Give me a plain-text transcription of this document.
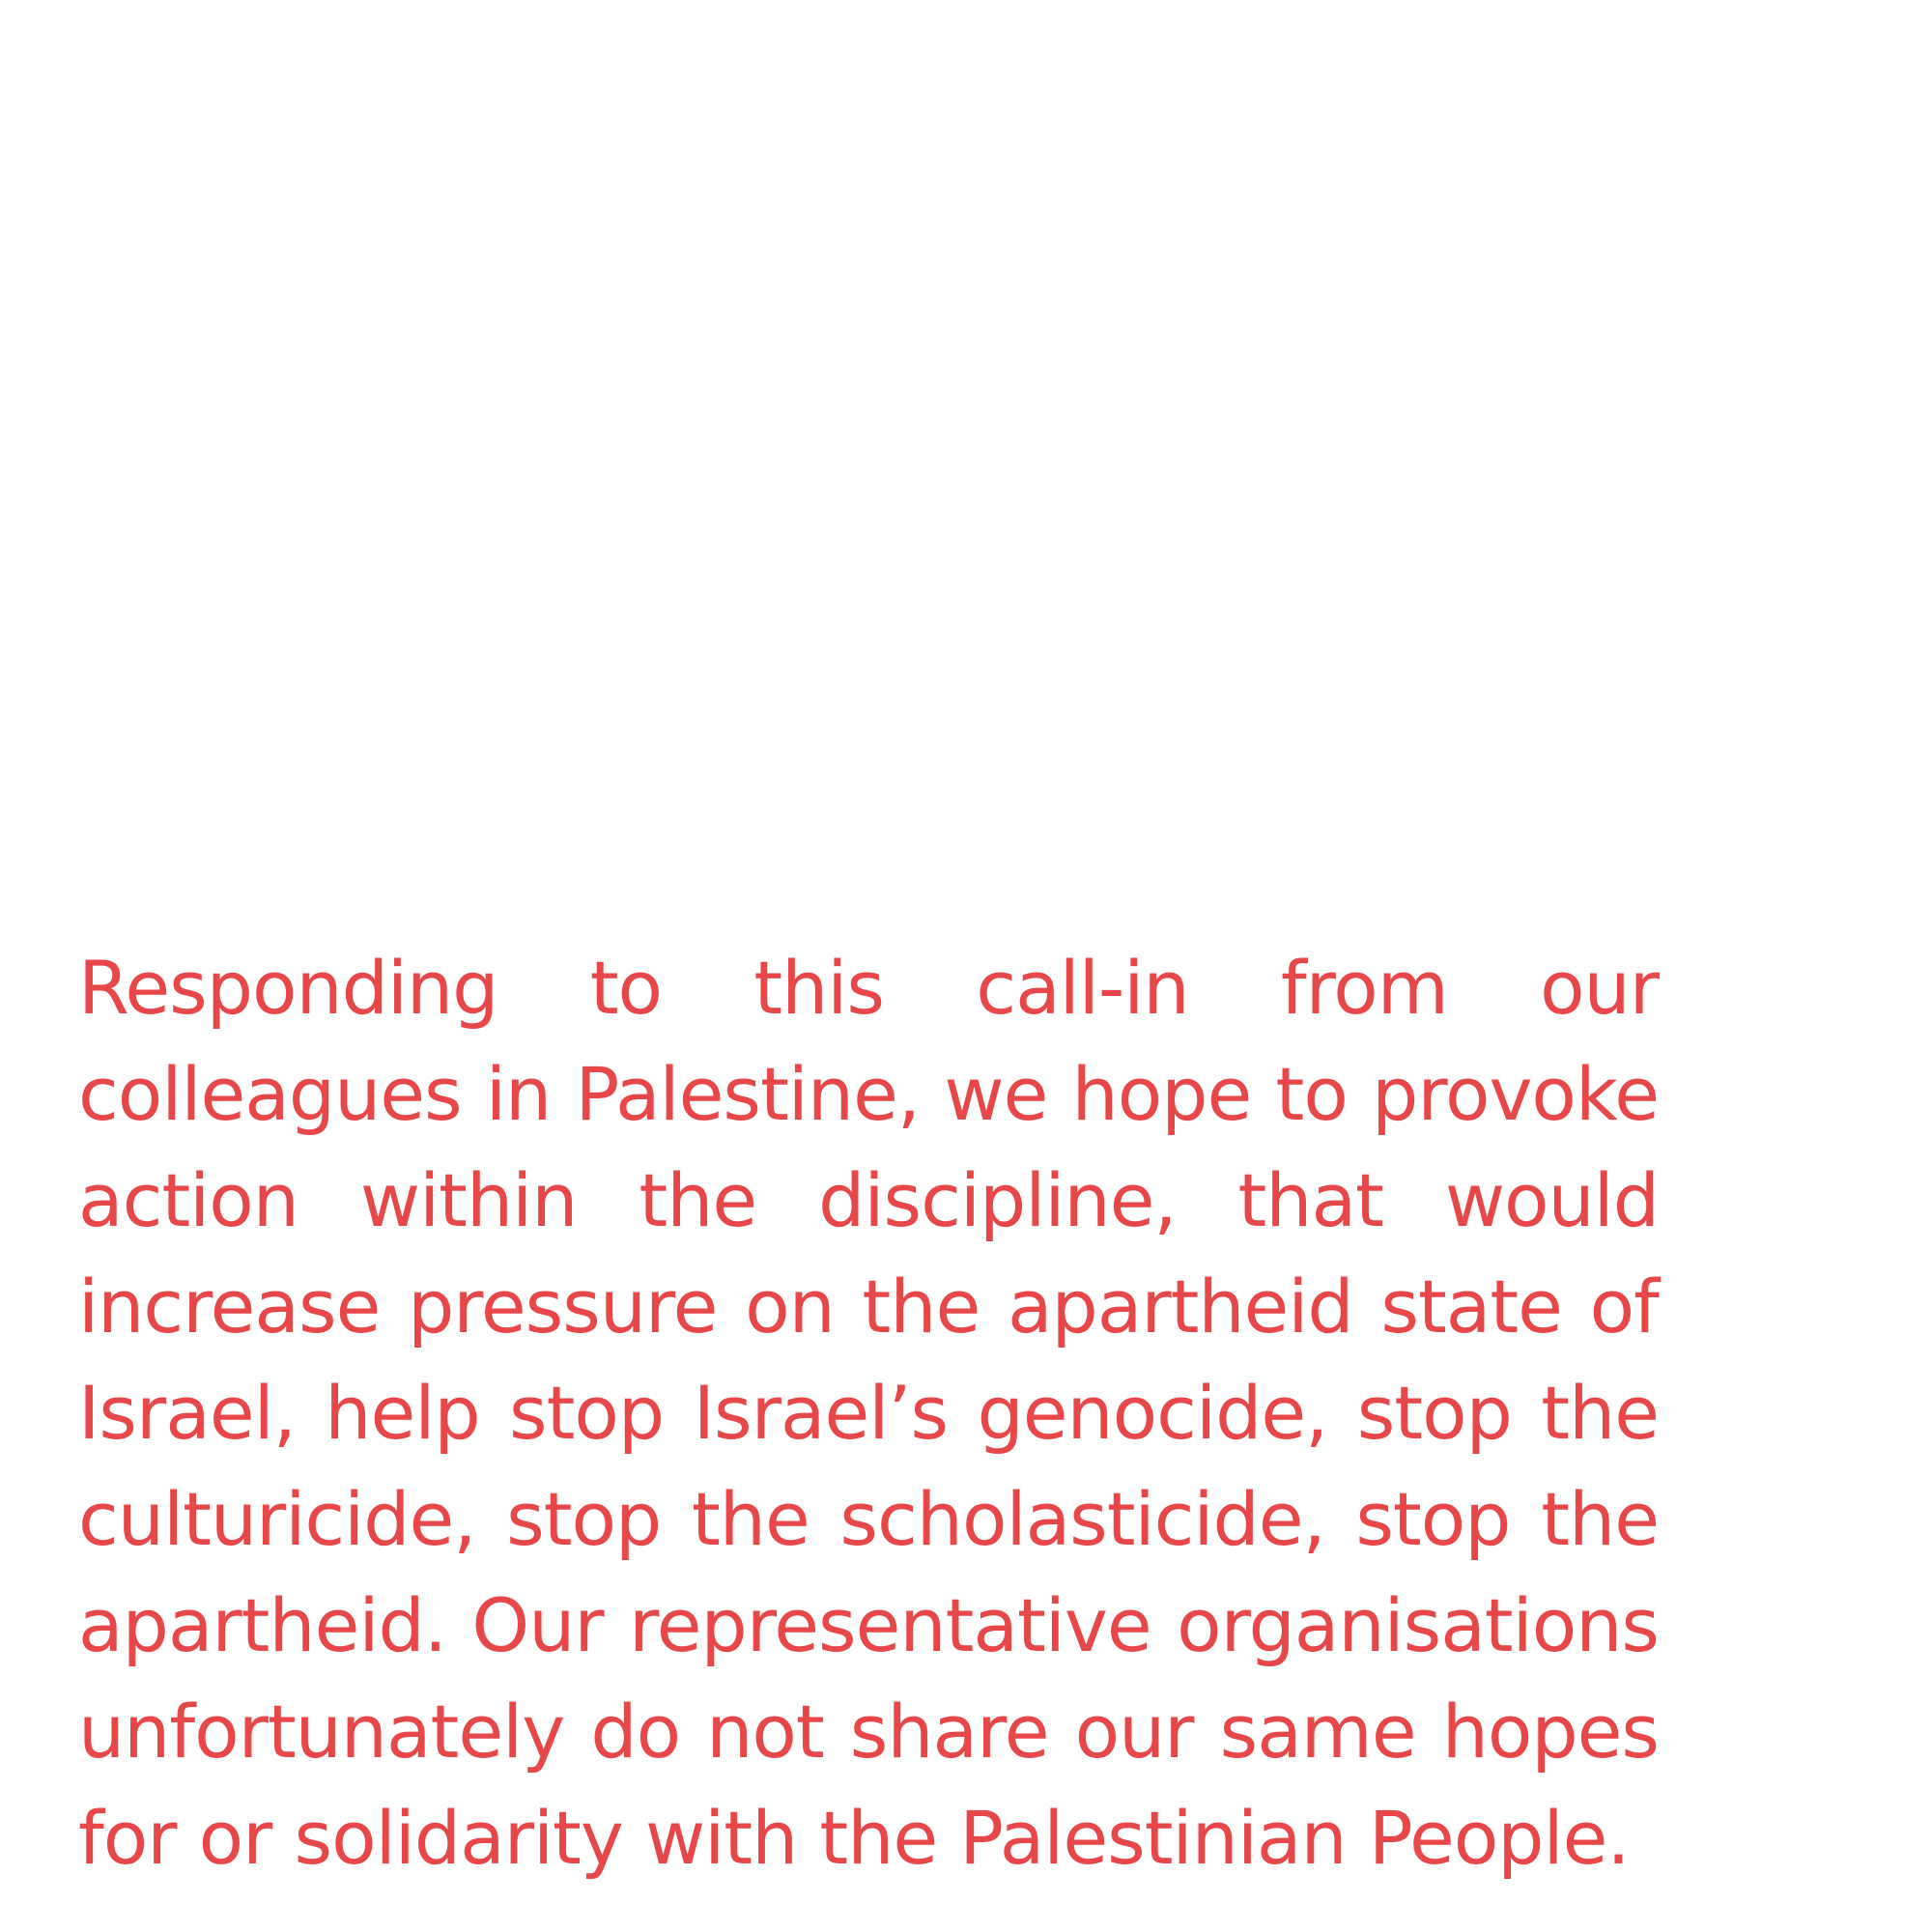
Responding to this call-in from our
colleagues in Palestine, we hope to provoke
action within the discipline, that would
increase pressure on the apartheid state of
Israel, help stop Israel’s genocide, stop the
culturicide, stop the scholasticide, stop the
apartheid. Our representative organisations
unfortunately do not share our same hopes
for or solidarity with the Palestinian People.
